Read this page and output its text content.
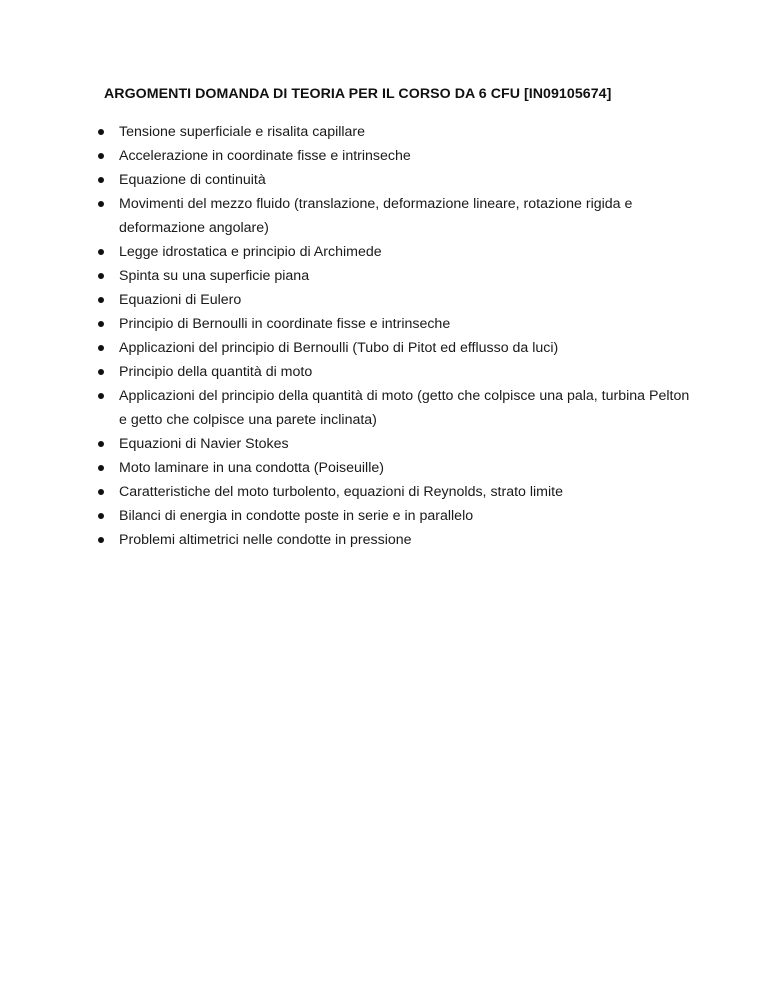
ARGOMENTI DOMANDA DI TEORIA PER IL CORSO DA 6 CFU [IN09105674]
Tensione superficiale e risalita capillare
Accelerazione in coordinate fisse e intrinseche
Equazione di continuità
Movimenti del mezzo fluido (translazione, deformazione lineare, rotazione rigida e deformazione angolare)
Legge idrostatica e principio di Archimede
Spinta su una superficie piana
Equazioni di Eulero
Principio di Bernoulli in coordinate fisse e intrinseche
Applicazioni del principio di Bernoulli (Tubo di Pitot ed efflusso da luci)
Principio della quantità di moto
Applicazioni del principio della quantità di moto (getto che colpisce una pala, turbina Pelton e getto che colpisce una parete inclinata)
Equazioni di Navier Stokes
Moto laminare in una condotta (Poiseuille)
Caratteristiche del moto turbolento, equazioni di Reynolds, strato limite
Bilanci di energia in condotte poste in serie e in parallelo
Problemi altimetrici nelle condotte in pressione
